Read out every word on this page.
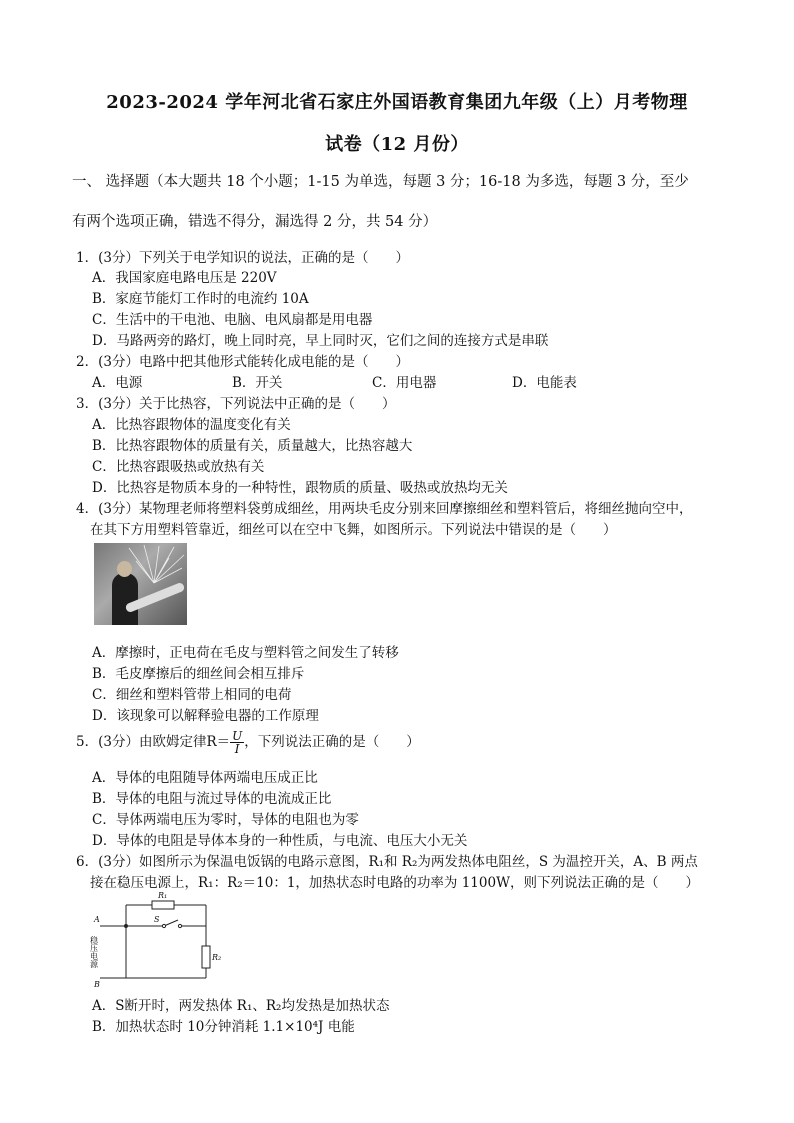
2023-2024 学年河北省石家庄外国语教育集团九年级（上）月考物理
试卷（12 月份）
一、 选择题（本大题共 18 个小题；1-15 为单选，每题 3 分；16-18 为多选，每题 3 分，至少
有两个选项正确，错选不得分，漏选得 2 分，共 54 分）
1．(3分）下列关于电学知识的说法，正确的是（　　）
A．我国家庭电路电压是 220V
B．家庭节能灯工作时的电流约 10A
C．生活中的干电池、电脑、电风扇都是用电器
D．马路两旁的路灯，晚上同时亮，早上同时灭，它们之间的连接方式是串联
2．(3分）电路中把其他形式能转化成电能的是（　　）
A．电源	B．开关	C．用电器	D．电能表
3．(3分）关于比热容，下列说法中正确的是（　　）
A．比热容跟物体的温度变化有关
B．比热容跟物体的质量有关，质量越大，比热容越大
C．比热容跟吸热或放热有关
D．比热容是物质本身的一种特性，跟物质的质量、吸热或放热均无关
4．(3分）某物理老师将塑料袋剪成细丝，用两块毛皮分别来回摩擦细丝和塑料管后，将细丝抛向空中，
在其下方用塑料管靠近，细丝可以在空中飞舞，如图所示。下列说法中错误的是（　　）
A．摩擦时，正电荷在毛皮与塑料管之间发生了转移
B．毛皮摩擦后的细丝间会相互排斥
C．细丝和塑料管带上相同的电荷
D．该现象可以解释验电器的工作原理
5．(3分）由欧姆定律$R= \frac{U}{I}$ ，下列说法正确的是（　　）
A．导体的电阻随导体两端电压成正比
B．导体的电阻与流过导体的电流成正比
C．导体两端电压为零时，导体的电阻也为零
D．导体的电阻是导体本身的一种性质，与电流、电压大小无关
6．(3分）如图所示为保温电饭锅的电路示意图，R₁和 R₂为两发热体电阻丝，S 为温控开关，A、B 两点
接在稳压电源上，R₁：R₂＝10：1，加热状态时电路的功率为 1100W，则下列说法正确的是（　　）
A
B
R₁
R₂
S
稳压电源
A．S断开时，两发热体 R₁、R₂均发热是加热状态
B．加热状态时 10分钟消耗 1.1×10⁴J 电能
